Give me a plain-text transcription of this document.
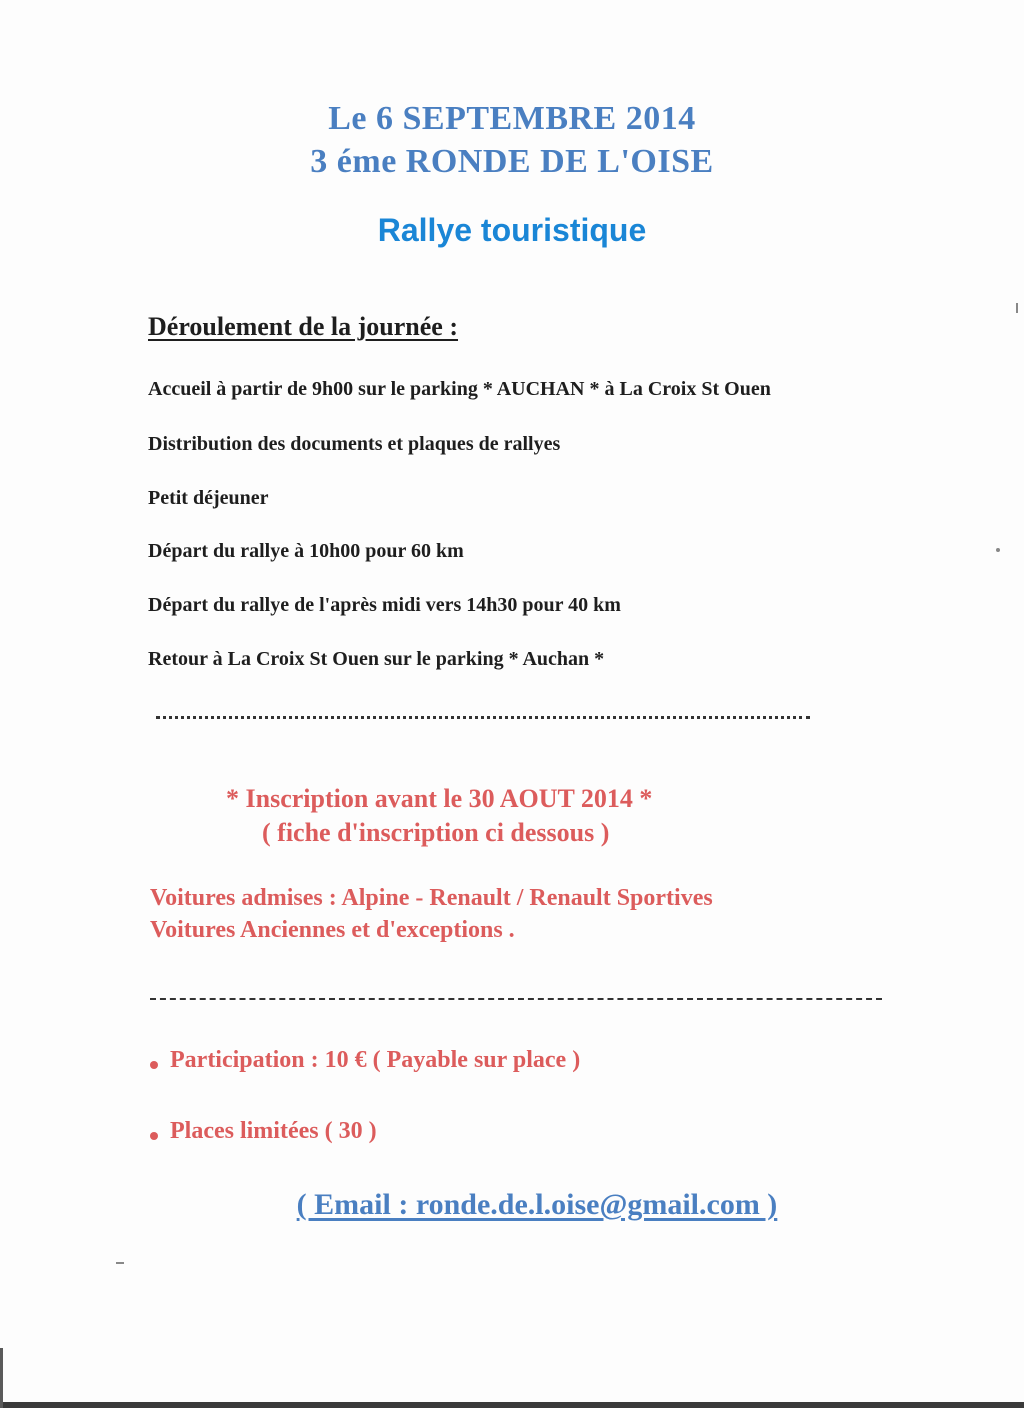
Le 6 SEPTEMBRE 2014
3 éme RONDE DE L'OISE
Rallye touristique
Déroulement de la journée :
Accueil à partir de 9h00 sur le parking * AUCHAN * à La Croix St Ouen
Distribution des documents et plaques de rallyes
Petit déjeuner
Départ du rallye à 10h00 pour 60 km
Départ du rallye de l'après midi vers 14h30 pour 40 km
Retour à La Croix St Ouen sur le parking * Auchan *
* Inscription avant le 30 AOUT 2014 *
( fiche d'inscription ci dessous )
Voitures admises : Alpine - Renault / Renault Sportives
Voitures Anciennes et d'exceptions .
Participation : 10 € ( Payable sur place )
Places limitées ( 30 )
( Email : ronde.de.l.oise@gmail.com )
